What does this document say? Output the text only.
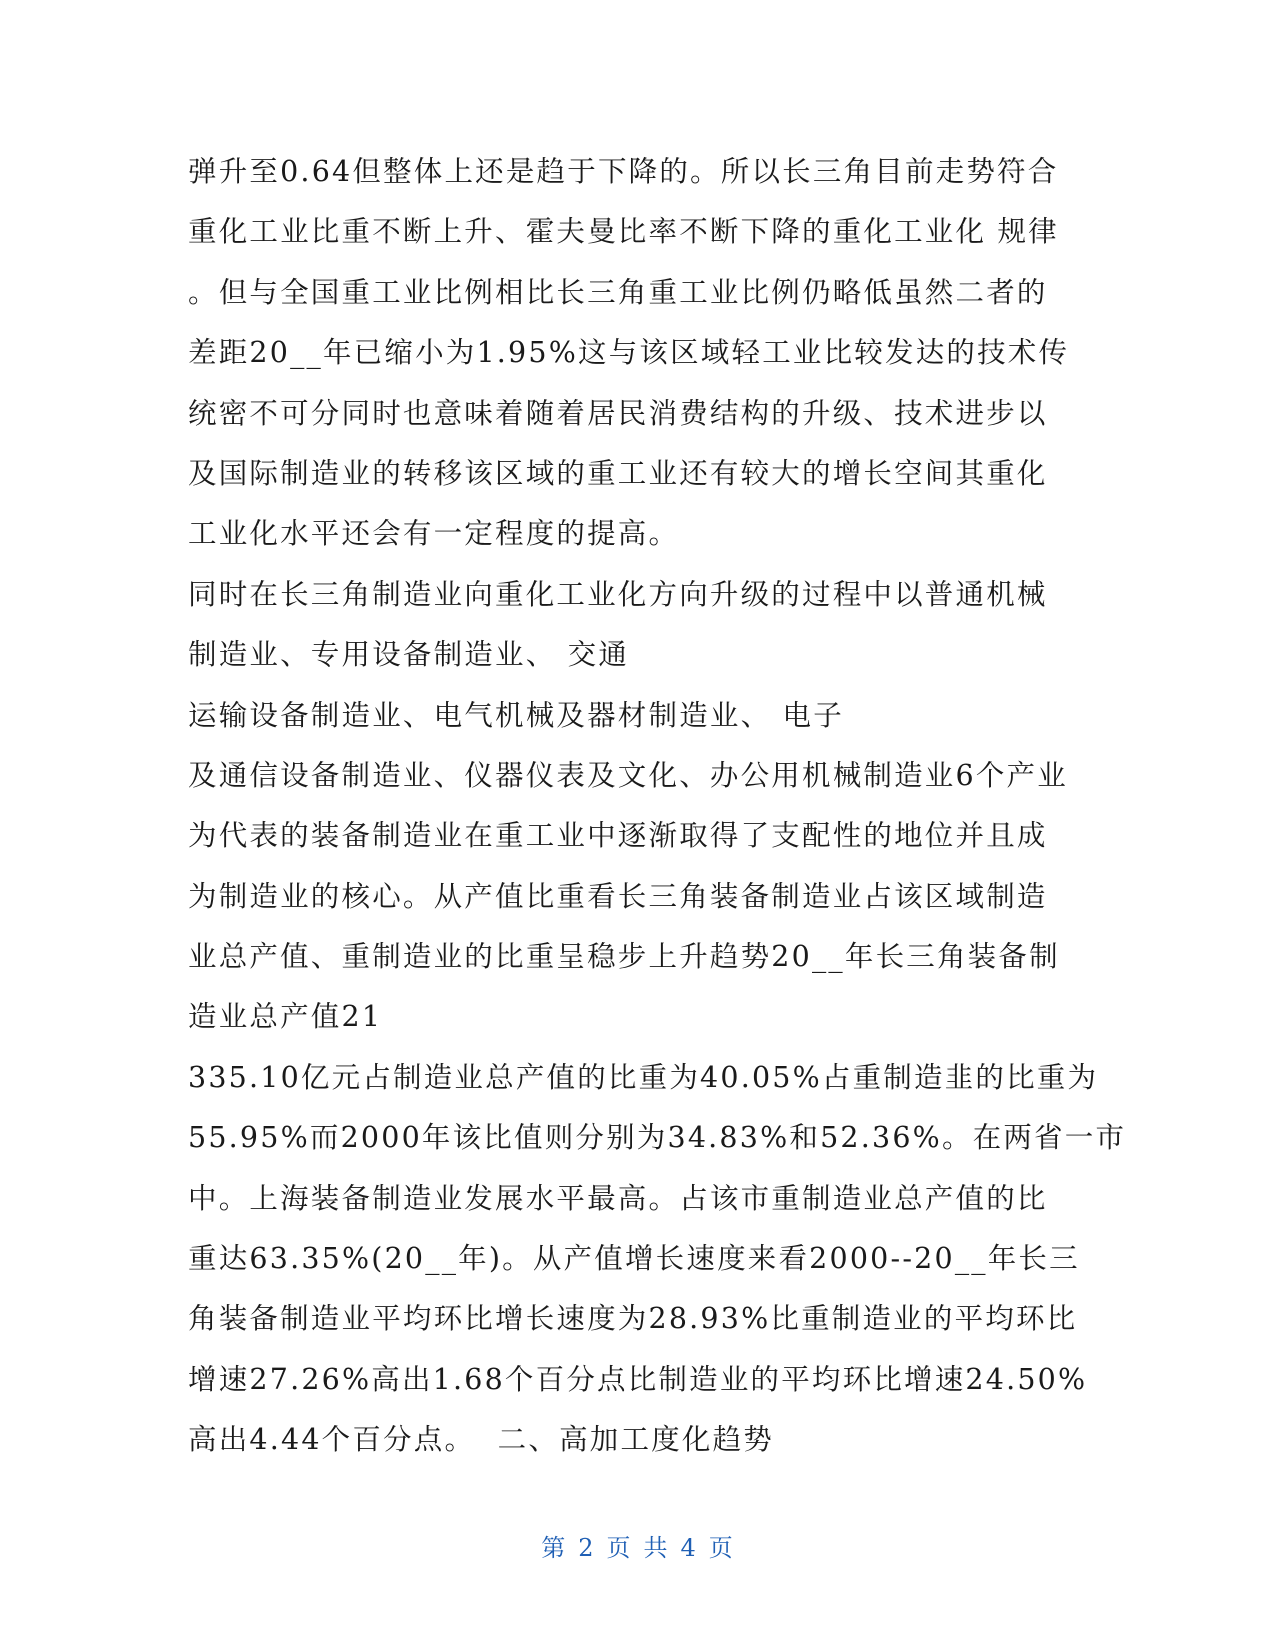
弹升至0.64但整体上还是趋于下降的。所以长三角目前走势符合
重化工业比重不断上升、霍夫曼比率不断下降的重化工业化 规律
。但与全国重工业比例相比长三角重工业比例仍略低虽然二者的
差距20__年已缩小为1.95%这与该区域轻工业比较发达的技术传
统密不可分同时也意味着随着居民消费结构的升级、技术进步以
及国际制造业的转移该区域的重工业还有较大的增长空间其重化
工业化水平还会有一定程度的提高。
同时在长三角制造业向重化工业化方向升级的过程中以普通机械
制造业、专用设备制造业、 交通
运输设备制造业、电气机械及器材制造业、 电子
及通信设备制造业、仪器仪表及文化、办公用机械制造业6个产业
为代表的装备制造业在重工业中逐渐取得了支配性的地位并且成
为制造业的核心。从产值比重看长三角装备制造业占该区域制造
业总产值、重制造业的比重呈稳步上升趋势20__年长三角装备制
造业总产值21
335.10亿元占制造业总产值的比重为40.05%占重制造韭的比重为
55.95%而2000年该比值则分别为34.83%和52.36%。在两省一市
中。上海装备制造业发展水平最高。占该市重制造业总产值的比
重达63.35%(20__年)。从产值增长速度来看2000--20__年长三
角装备制造业平均环比增长速度为28.93%比重制造业的平均环比
增速27.26%高出1.68个百分点比制造业的平均环比增速24.50%
高出4.44个百分点。  二、高加工度化趋势
第 2 页 共 4 页
